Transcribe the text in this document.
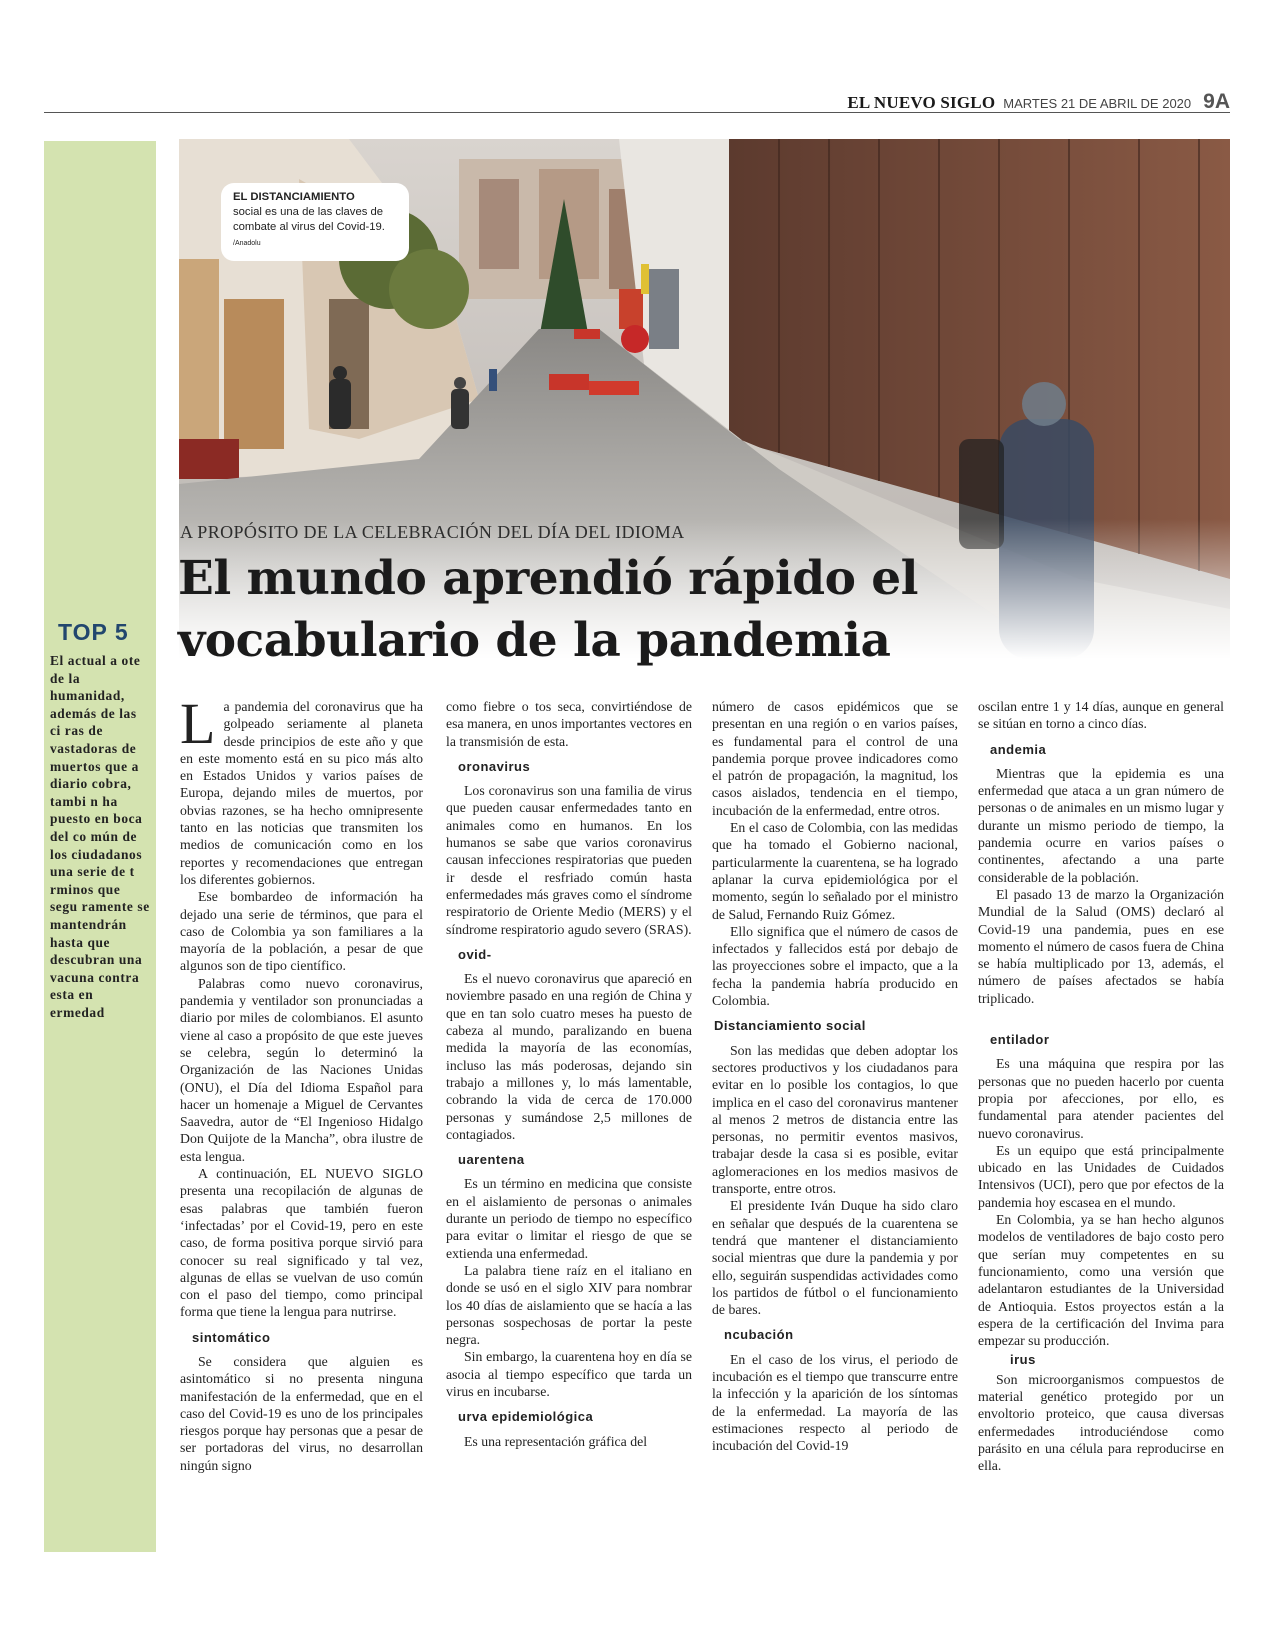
EL NUEVO SIGLO MARTES 21 DE ABRIL DE 2020 9A
TOP 5
El actual a ote de la humanidad, además de las ci ras de vastadoras de muertos que a diario cobra, tambi n ha puesto en boca del co mún de los ciudadanos una serie de t rminos que segu ramente se mantendrán hasta que descubran una vacuna contra esta en ermedad
EL DISTANCIAMIENTO
social es una de las claves de combate al virus del Covid-19. /Anadolu
A PROPÓSITO DE LA CELEBRACIÓN DEL DÍA DEL IDIOMA
El mundo aprendió rápido el vocabulario de la pandemia

La pandemia del coronavirus que ha golpeado seriamente al planeta desde principios de este año y que en este momento está en su pico más alto en Estados Unidos y varios países de Europa, dejando miles de muertos, por obvias razones, se ha hecho omnipresente tanto en las noticias que transmiten los medios de comunicación como en los reportes y recomendaciones que entregan los diferentes gobiernos.

Ese bombardeo de información ha dejado una serie de términos, que para el caso de Colombia ya son familiares a la mayoría de la población, a pesar de que algunos son de tipo científico.

Palabras como nuevo coronavirus, pandemia y ventilador son pronunciadas a diario por miles de colombianos. El asunto viene al caso a propósito de que este jueves se celebra, según lo determinó la Organización de las Naciones Unidas (ONU), el Día del Idioma Español para hacer un homenaje a Miguel de Cervantes Saavedra, autor de “El Ingenioso Hidalgo Don Quijote de la Mancha”, obra ilustre de esta lengua.

A continuación, EL NUEVO SIGLO presenta una recopilación de algunas de esas palabras que también fueron ‘infectadas’ por el Covid-19, pero en este caso, de forma positiva porque sirvió para conocer su real significado y tal vez, algunas de ellas se vuelvan de uso común con el paso del tiempo, como principal forma que tiene la lengua para nutrirse.

sintomático

Se considera que alguien es asintomático si no presenta ninguna manifestación de la enfermedad, que en el caso del Covid-19 es uno de los principales riesgos porque hay personas que a pesar de ser portadoras del virus, no desarrollan ningún signo

como fiebre o tos seca, convirtiéndose de esa manera, en unos importantes vectores en la transmisión de esta.

oronavirus

Los coronavirus son una familia de virus que pueden causar enfermedades tanto en animales como en humanos. En los humanos se sabe que varios coronavirus causan infecciones respiratorias que pueden ir desde el resfriado común hasta enfermedades más graves como el síndrome respiratorio de Oriente Medio (MERS) y el síndrome respiratorio agudo severo (SRAS).

ovid-

Es el nuevo coronavirus que apareció en noviembre pasado en una región de China y que en tan solo cuatro meses ha puesto de cabeza al mundo, paralizando en buena medida la mayoría de las economías, incluso las más poderosas, dejando sin trabajo a millones y, lo más lamentable, cobrando la vida de cerca de 170.000 personas y sumándose 2,5 millones de contagiados.

uarentena

Es un término en medicina que consiste en el aislamiento de personas o animales durante un periodo de tiempo no específico para evitar o limitar el riesgo de que se extienda una enfermedad.

La palabra tiene raíz en el italiano en donde se usó en el siglo XIV para nombrar los 40 días de aislamiento que se hacía a las personas sospechosas de portar la peste negra.

Sin embargo, la cuarentena hoy en día se asocia al tiempo específico que tarda un virus en incubarse.

urva epidemiológica

Es una representación gráfica del

número de casos epidémicos que se presentan en una región o en varios países, es fundamental para el control de una pandemia porque provee indicadores como el patrón de propagación, la magnitud, los casos aislados, tendencia en el tiempo, incubación de la enfermedad, entre otros.

En el caso de Colombia, con las medidas que ha tomado el Gobierno nacional, particularmente la cuarentena, se ha logrado aplanar la curva epidemiológica por el momento, según lo señalado por el ministro de Salud, Fernando Ruiz Gómez.

Ello significa que el número de casos de infectados y fallecidos está por debajo de las proyecciones sobre el impacto, que a la fecha la pandemia habría producido en Colombia.

Distanciamiento social

Son las medidas que deben adoptar los sectores productivos y los ciudadanos para evitar en lo posible los contagios, lo que implica en el caso del coronavirus mantener al menos 2 metros de distancia entre las personas, no permitir eventos masivos, trabajar desde la casa si es posible, evitar aglomeraciones en los medios masivos de transporte, entre otros.

El presidente Iván Duque ha sido claro en señalar que después de la cuarentena se tendrá que mantener el distanciamiento social mientras que dure la pandemia y por ello, seguirán suspendidas actividades como los partidos de fútbol o el funcionamiento de bares.

ncubación

En el caso de los virus, el periodo de incubación es el tiempo que transcurre entre la infección y la aparición de los síntomas de la enfermedad. La mayoría de las estimaciones respecto al periodo de incubación del Covid-19

oscilan entre 1 y 14 días, aunque en general se sitúan en torno a cinco días.

andemia

Mientras que la epidemia es una enfermedad que ataca a un gran número de personas o de animales en un mismo lugar y durante un mismo periodo de tiempo, la pandemia ocurre en varios países o continentes, afectando a una parte considerable de la población.

El pasado 13 de marzo la Organización Mundial de la Salud (OMS) declaró al Covid-19 una pandemia, pues en ese momento el número de casos fuera de China se había multiplicado por 13, además, el número de países afectados se había triplicado.

entilador

Es una máquina que respira por las personas que no pueden hacerlo por cuenta propia por afecciones, por ello, es fundamental para atender pacientes del nuevo coronavirus.

Es un equipo que está principalmente ubicado en las Unidades de Cuidados Intensivos (UCI), pero que por efectos de la pandemia hoy escasea en el mundo.

En Colombia, ya se han hecho algunos modelos de ventiladores de bajo costo pero que serían muy competentes en su funcionamiento, como una versión que adelantaron estudiantes de la Universidad de Antioquia. Estos proyectos están a la espera de la certificación del Invima para empezar su producción.

irus

Son microorganismos compuestos de material genético protegido por un envoltorio proteico, que causa diversas enfermedades introduciéndose como parásito en una célula para reproducirse en ella.
